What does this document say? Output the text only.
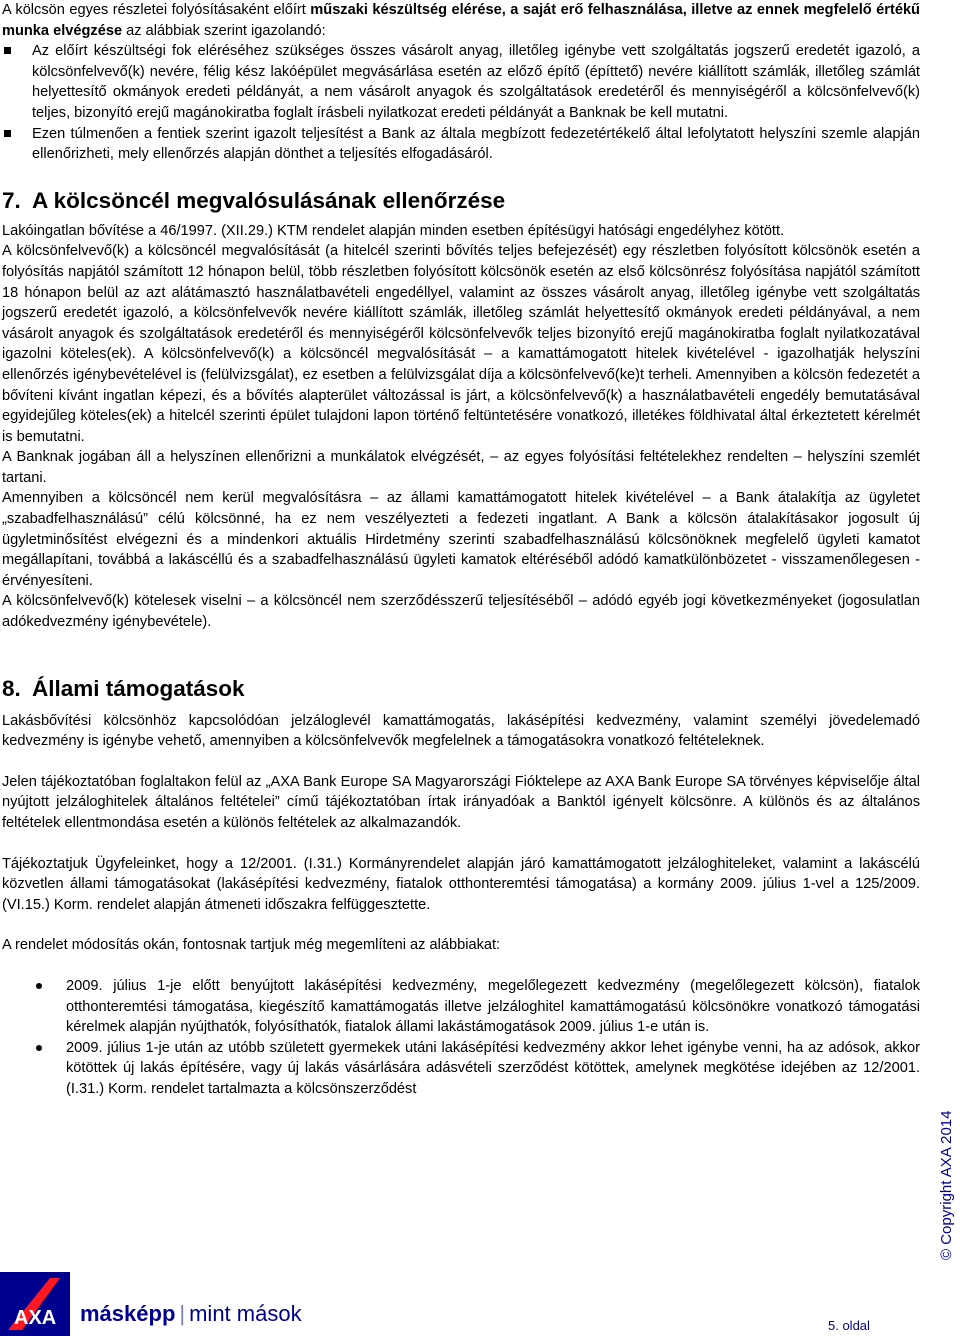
A kölcsön egyes részletei folyósításaként előírt műszaki készültség elérése, a saját erő felhasználása, illetve az ennek megfelelő értékű munka elvégzése az alábbiak szerint igazolandó:

Az előírt készültségi fok eléréséhez szükséges összes vásárolt anyag, illetőleg igénybe vett szolgáltatás jogszerű eredetét igazoló, a kölcsönfelvevő(k) nevére, félig kész lakóépület megvásárlása esetén az előző építő (építtető) nevére kiállított számlák, illetőleg számlát helyettesítő okmányok eredeti példányát, a nem vásárolt anyagok és szolgáltatások eredetéről és mennyiségéről a kölcsönfelvevő(k) teljes, bizonyító erejű magánokiratba foglalt írásbeli nyilatkozat eredeti példányát a Banknak be kell mutatni.
Ezen túlmenően a fentiek szerint igazolt teljesítést a Bank az általa megbízott fedezetértékelő által lefolytatott helyszíni szemle alapján ellenőrizheti, mely ellenőrzés alapján dönthet a teljesítés elfogadásáról.
7. A kölcsöncél megvalósulásának ellenőrzése

Lakóingatlan bővítése a 46/1997. (XII.29.) KTM rendelet alapján minden esetben építésügyi hatósági engedélyhez kötött.

A kölcsönfelvevő(k) a kölcsöncél megvalósítását (a hitelcél szerinti bővítés teljes befejezését) egy részletben folyósított kölcsönök esetén a folyósítás napjától számított 12 hónapon belül, több részletben folyósított kölcsönök esetén az első kölcsönrész folyósítása napjától számított 18 hónapon belül az azt alátámasztó használatbavételi engedéllyel, valamint az összes vásárolt anyag, illetőleg igénybe vett szolgáltatás jogszerű eredetét igazoló, a kölcsönfelvevők nevére kiállított számlák, illetőleg számlát helyettesítő okmányok eredeti példányával, a nem vásárolt anyagok és szolgáltatások eredetéről és mennyiségéről kölcsönfelvevők teljes bizonyító erejű magánokiratba foglalt nyilatkozatával igazolni köteles(ek). A kölcsönfelvevő(k) a kölcsöncél megvalósítását – a kamattámogatott hitelek kivételével - igazolhatják helyszíni ellenőrzés igénybevételével is (felülvizsgálat), ez esetben a felülvizsgálat díja a kölcsönfelvevő(ke)t terheli. Amennyiben a kölcsön fedezetét a bővíteni kívánt ingatlan képezi, és a bővítés alapterület változással is járt, a kölcsönfelvevő(k) a használatbavételi engedély bemutatásával egyidejűleg köteles(ek) a hitelcél szerinti épület tulajdoni lapon történő feltüntetésére vonatkozó, illetékes földhivatal által érkeztetett kérelmét is bemutatni.

A Banknak jogában áll a helyszínen ellenőrizni a munkálatok elvégzését, – az egyes folyósítási feltételekhez rendelten – helyszíni szemlét tartani.

Amennyiben a kölcsöncél nem kerül megvalósításra – az állami kamattámogatott hitelek kivételével – a Bank átalakítja az ügyletet „szabadfelhasználású” célú kölcsönné, ha ez nem veszélyezteti a fedezeti ingatlant. A Bank a kölcsön átalakításakor jogosult új ügyletminősítést elvégezni és a mindenkori aktuális Hirdetmény szerinti szabadfelhasználású kölcsönöknek megfelelő ügyleti kamatot megállapítani, továbbá a lakáscéllú és a szabadfelhasználású ügyleti kamatok eltéréséből adódó kamatkülönbözetet - visszamenőlegesen - érvényesíteni.

A kölcsönfelvevő(k) kötelesek viselni – a kölcsöncél nem szerződésszerű teljesítéséből – adódó egyéb jogi következményeket (jogosulatlan adókedvezmény igénybevétele).

8. Állami támogatások

Lakásbővítési kölcsönhöz kapcsolódóan jelzáloglevél kamattámogatás, lakásépítési kedvezmény, valamint személyi jövedelemadó kedvezmény is igénybe vehető, amennyiben a kölcsönfelvevők megfelelnek a támogatásokra vonatkozó feltételeknek.

Jelen tájékoztatóban foglaltakon felül az „AXA Bank Europe SA Magyarországi Fióktelepe az AXA Bank Europe SA törvényes képviselője által nyújtott jelzáloghitelek általános feltételei” című tájékoztatóban írtak irányadóak a Banktól igényelt kölcsönre. A különös és az általános feltételek ellentmondása esetén a különös feltételek az alkalmazandók.

Tájékoztatjuk Ügyfeleinket, hogy a 12/2001. (I.31.) Kormányrendelet alapján járó kamattámogatott jelzáloghiteleket, valamint a lakáscélú közvetlen állami támogatásokat (lakásépítési kedvezmény, fiatalok otthonteremtési támogatása) a kormány 2009. július 1-vel a 125/2009. (VI.15.) Korm. rendelet alapján átmeneti időszakra felfüggesztette.

A rendelet módosítás okán, fontosnak tartjuk még megemlíteni az alábbiakat:

2009. július 1-je előtt benyújtott lakásépítési kedvezmény, megelőlegezett kedvezmény (megelőlegezett kölcsön), fiatalok otthonteremtési támogatása, kiegészítő kamattámogatás illetve jelzáloghitel kamattámogatású kölcsönökre vonatkozó támogatási kérelmek alapján nyújthatók, folyósíthatók, fiatalok állami lakástámogatások 2009. július 1-e után is.
2009. július 1-je után az utóbb született gyermekek utáni lakásépítési kedvezmény akkor lehet igénybe venni, ha az adósok, akkor kötöttek új lakás építésére, vagy új lakás vásárlására adásvételi szerződést kötöttek, amelynek megkötése idejében az 12/2001. (I.31.) Korm. rendelet tartalmazta a kölcsönszerződést
© Copyright AXA 2014
AXA másképp | mint mások	5. oldal
